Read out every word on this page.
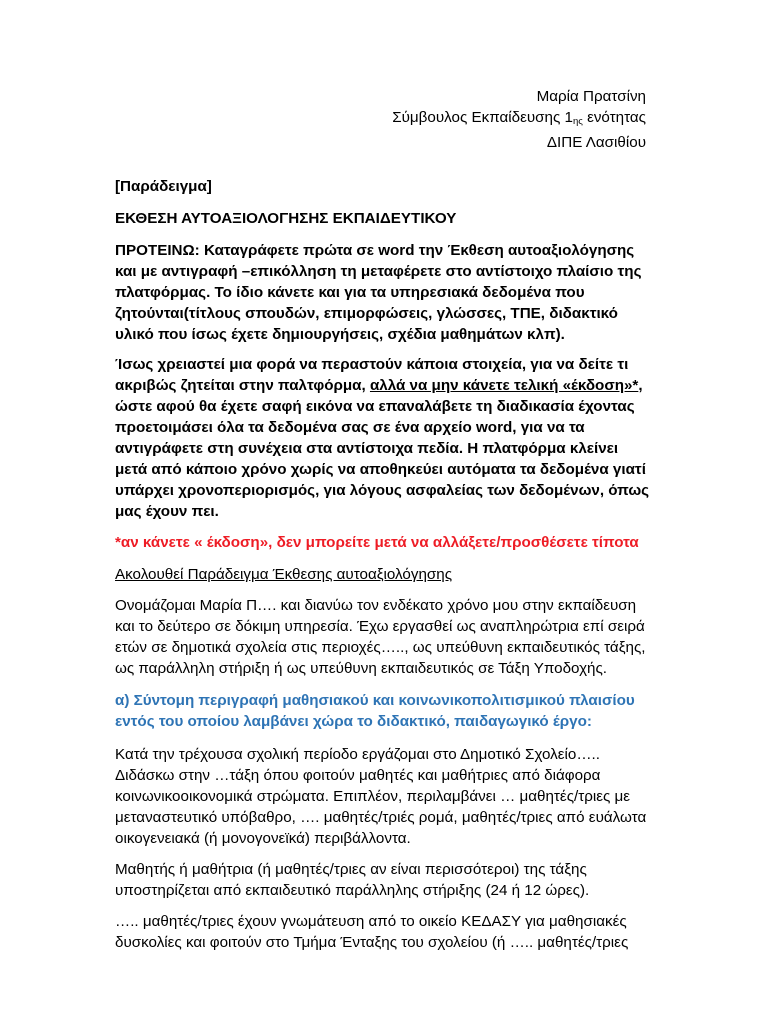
Μαρία Πρατσίνη
Σύμβουλος Εκπαίδευσης $1_{\eta\varsigma}$ ενότητας
ΔΙΠΕ Λασιθίου

[Παράδειγμα]

ΕΚΘΕΣΗ ΑΥΤΟΑΞΙΟΛΟΓΗΣΗΣ ΕΚΠΑΙΔΕΥΤΙΚΟΥ

ΠΡΟΤΕΙΝΩ: Καταγράφετε πρώτα σε word την Έκθεση αυτοαξιολόγησης και με αντιγραφή –επικόλληση τη μεταφέρετε στο αντίστοιχο πλαίσιο της πλατφόρμας. Το ίδιο κάνετε και για τα υπηρεσιακά δεδομένα που ζητούνται(τίτλους σπουδών, επιμορφώσεις, γλώσσες, ΤΠΕ, διδακτικό υλικό που ίσως έχετε δημιουργήσεις, σχέδια μαθημάτων κλπ).

Ίσως χρειαστεί μια φορά να περαστούν κάποια στοιχεία, για να δείτε τι ακριβώς ζητείται στην παλτφόρμα, αλλά να μην κάνετε τελική «έκδοση»*, ώστε αφού θα έχετε σαφή εικόνα να επαναλάβετε τη διαδικασία έχοντας προετοιμάσει όλα τα δεδομένα σας σε ένα αρχείο word, για να τα αντιγράφετε στη συνέχεια στα αντίστοιχα πεδία. Η πλατφόρμα κλείνει μετά από κάποιο χρόνο χωρίς να αποθηκεύει αυτόματα τα δεδομένα γιατί υπάρχει χρονοπεριορισμός, για λόγους ασφαλείας των δεδομένων, όπως μας έχουν πει.

*αν κάνετε « έκδοση», δεν μπορείτε μετά να αλλάξετε/προσθέσετε τίποτα

Ακολουθεί Παράδειγμα Έκθεσης αυτοαξιολόγησης

Ονομάζομαι Μαρία Π…. και διανύω τον ενδέκατο χρόνο μου στην εκπαίδευση και το δεύτερο σε δόκιμη υπηρεσία. Έχω εργασθεί ως αναπληρώτρια επί σειρά ετών σε δημοτικά σχολεία στις περιοχές….., ως υπεύθυνη εκπαιδευτικός τάξης, ως παράλληλη στήριξη ή ως υπεύθυνη εκπαιδευτικός σε Τάξη Υποδοχής.

α) Σύντομη περιγραφή μαθησιακού και κοινωνικοπολιτισμικού πλαισίου εντός του οποίου λαμβάνει χώρα το διδακτικό, παιδαγωγικό έργο:

Κατά την τρέχουσα σχολική περίοδο εργάζομαι στο Δημοτικό Σχολείο….. Διδάσκω στην …τάξη όπου φοιτούν μαθητές και μαθήτριες από διάφορα κοινωνικοοικονομικά στρώματα. Επιπλέον, περιλαμβάνει … μαθητές/τριες με μεταναστευτικό υπόβαθρο, …. μαθητές/τριές ρομά, μαθητές/τριες από ευάλωτα οικογενειακά (ή μονογονεϊκά) περιβάλλοντα.

Μαθητής ή μαθήτρια (ή μαθητές/τριες αν είναι περισσότεροι) της τάξης υποστηρίζεται από εκπαιδευτικό παράλληλης στήριξης (24 ή 12 ώρες).

….. μαθητές/τριες έχουν γνωμάτευση από το οικείο ΚΕΔΑΣΥ για μαθησιακές δυσκολίες και φοιτούν στο Τμήμα Ένταξης του σχολείου (ή ….. μαθητές/τριες
